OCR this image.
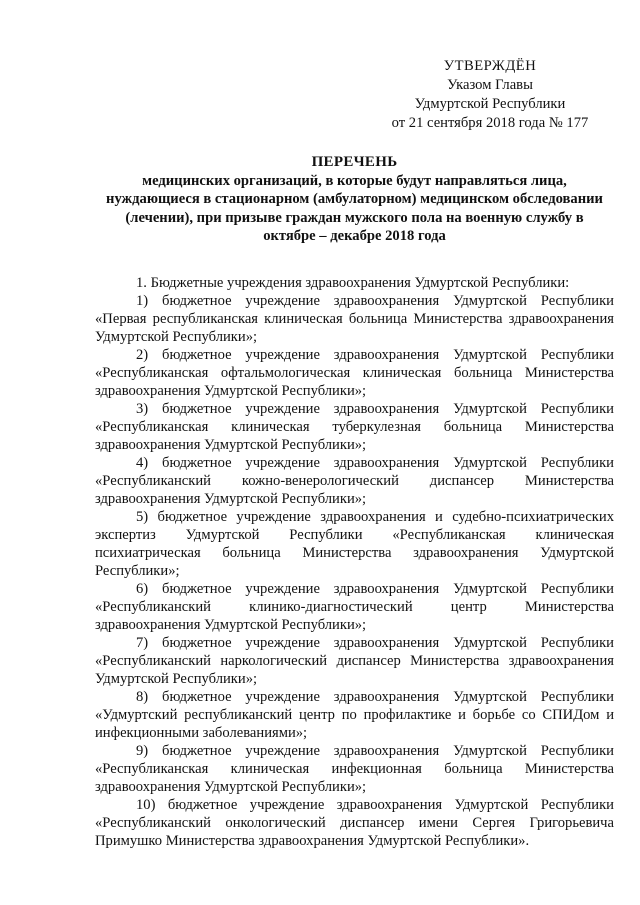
УТВЕРЖДЁН
Указом Главы
Удмуртской Республики
от 21 сентября 2018 года № 177
ПЕРЕЧЕНЬ
медицинских организаций, в которые будут направляться лица,
нуждающиеся в стационарном (амбулаторном) медицинском обследовании
(лечении), при призыве граждан мужского пола на военную службу в
октябре – декабре 2018 года

1. Бюджетные учреждения здравоохранения Удмуртской Республики:

1) бюджетное учреждение здравоохранения Удмуртской Республики «Первая республиканская клиническая больница Министерства здравоохранения Удмуртской Республики»;

2) бюджетное учреждение здравоохранения Удмуртской Республики «Республиканская офтальмологическая клиническая больница Министерства здравоохранения Удмуртской Республики»;

3) бюджетное учреждение здравоохранения Удмуртской Республики «Республиканская клиническая туберкулезная больница Министерства здравоохранения Удмуртской Республики»;

4) бюджетное учреждение здравоохранения Удмуртской Республики «Республиканский кожно-венерологический диспансер Министерства здравоохранения Удмуртской Республики»;

5) бюджетное учреждение здравоохранения и судебно-психиатрических экспертиз Удмуртской Республики «Республиканская клиническая психиатрическая больница Министерства здравоохранения Удмуртской Республики»;

6) бюджетное учреждение здравоохранения Удмуртской Республики «Республиканский клинико-диагностический центр Министерства здравоохранения Удмуртской Республики»;

7) бюджетное учреждение здравоохранения Удмуртской Республики «Республиканский наркологический диспансер Министерства здравоохранения Удмуртской Республики»;

8) бюджетное учреждение здравоохранения Удмуртской Республики «Удмуртский республиканский центр по профилактике и борьбе со СПИДом и инфекционными заболеваниями»;

9) бюджетное учреждение здравоохранения Удмуртской Республики «Республиканская клиническая инфекционная больница Министерства здравоохранения Удмуртской Республики»;

10) бюджетное учреждение здравоохранения Удмуртской Республики «Республиканский онкологический диспансер имени Сергея Григорьевича Примушко Министерства здравоохранения Удмуртской Республики».
